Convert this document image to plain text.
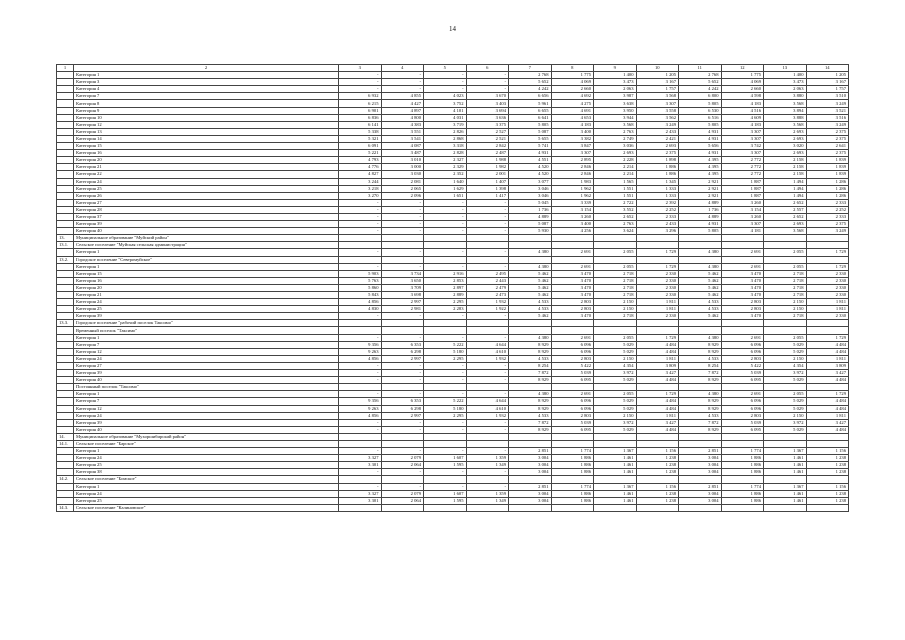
14
1	2	3	4	5	6	7	8	9	10	11	12	13	14
	Категория 1	-	-	-	-	2 768	1 775	1 400	1 205	2 768	1 775	1 400	1 205
	Категория 3	-	-	-	-	5 652	4 069	3 473	3 167	5 652	4 069	3 473	3 167
	Категория 4	-	-	-	-	4 242	2 660	2 063	1 757	4 242	2 660	2 063	1 757
	Категория 7	6 932	4 855	4 023	3 670	6 656	4 692	3 987	3 568	6 800	4 598	3 880	3 510
	Категория 8	6 215	4 427	3 752	3 403	5 961	4 275	3 638	3 307	5 805	4 183	3 568	3 249
	Категория 9	6 901	4 897	4 101	3 694	6 655	4 691	3 950	3 558	6 530	4 516	3 894	3 521
	Категория 10	6 836	4 800	4 031	3 636	6 641	4 653	3 944	3 562	6 516	4 609	3 888	3 516
	Категория 12	6 141	4 383	3 719	3 375	5 805	4 183	3 568	3 249	5 805	4 183	3 568	3 249
	Категория 13	5 338	3 551	2 826	2 527	5 087	3 400	2 763	2 433	4 931	3 307	2 693	2 375
	Категория 14	5 321	3 541	2 868	2 521	5 655	3 382	2 749	2 421	4 931	3 307	2 693	2 375
	Категория 15	6 091	4 087	3 318	2 842	5 741	3 847	3 036	2 693	5 656	3 742	3 020	2 641
	Категория 16	5 221	3 487	2 828	2 487	4 931	3 307	2 693	2 375	4 931	3 307	2 693	2 375
	Категория 20	4 793	3 010	2 327	1 988	4 551	2 895	2 228	1 898	4 395	2 772	2 158	1 839
	Категория 21	4 776	3 000	2 329	1 982	4 520	2 846	2 214	1 886	4 395	2 772	2 158	1 839
	Категория 22	4 827	3 030	2 352	2 001	4 520	2 846	2 214	1 886	4 395	2 772	2 158	1 839
	Категория 24	3 244	2 081	1 640	1 407	3 077	1 983	1 565	1 345	2 921	1 887	1 494	1 286
	Категория 25	3 218	2 065	1 629	1 398	3 046	1 962	1 551	1 333	2 921	1 887	1 494	1 286
	Категория 26	3 270	2 096	1 651	1 417	3 046	1 962	1 551	1 333	2 921	1 887	1 494	1 286
	Категория 27	-	-	-	-	5 045	3 339	2 722	2 392	4 889	3 260	2 652	2 333
	Категория 28	-	-	-	-	1 736	3 154	3 552	2 252	1 736	3 154	2 557	2 252
	Категория 37	-	-	-	-	4 889	3 260	2 652	2 333	4 889	3 260	2 652	2 333
	Категория 39	-	-	-	-	5 087	3 400	2 763	2 433	4 931	3 307	2 693	2 375
	Категория 40	-	-	-	-	5 930	4 256	3 624	3 296	5 805	4 181	3 568	3 249
13.	Муниципальное образование "Муйский район"												
13.1.	Сельское поселение "Муйская сельская администрация"												
	Категория 1	-	-	-	-	4 380	2 691	2 055	1 729	4 380	2 691	2 055	1 729
13.2.	Городское поселение "Северомуйское"												
	Категория 1	-	-	-	-	4 380	2 691	2 055	1 729	4 380	2 691	2 055	1 729
	Категория 15	5 903	3 734	2 916	2 495	5 462	3 470	2 718	2 330	5 462	3 470	2 718	2 330
	Категория 16	5 763	3 650	2 853	2 443	5 462	3 470	2 718	2 330	5 462	3 470	2 718	2 330
	Категория 20	5 860	3 709	2 897	2 479	5 462	3 470	2 718	2 330	5 462	3 470	2 718	2 330
	Категория 21	5 843	3 698	2 889	2 473	5 462	3 470	2 718	2 330	5 462	3 470	2 718	2 330
	Категория 24	4 856	2 997	2 295	1 932	4 533	2 803	2 150	1 811	4 533	2 803	2 150	1 811
	Категория 25	4 830	2 981	2 283	1 922	4 533	2 803	2 150	1 811	4 533	2 803	2 150	1 811
	Категория 39	-	-	-	-	5 462	3 470	2 718	2 330	5 462	3 470	2 718	2 330
13.3.	Городское поселение "рабочий поселок Таксимо"												
	Временный поселок "Таксимо"												
	Категория 1	-	-	-	-	4 380	2 691	2 055	1 729	4 380	2 691	2 055	1 729
	Категория 7	9 356	6 353	5 222	4 644	8 929	6 096	5 029	4 484	8 929	6 096	5 029	4 484
	Категория 12	9 263	6 298	5 180	4 610	8 929	6 096	5 029	4 484	8 929	6 096	5 029	4 484
	Категория 24	4 856	2 997	2 295	1 932	4 533	2 803	2 150	1 811	4 533	2 803	2 150	1 811
	Категория 27	-	-	-	-	8 254	5 422	4 354	3 809	8 254	5 422	4 354	3 809
	Категория 39	-	-	-	-	7 872	5 039	3 972	3 427	7 872	5 039	3 972	3 427
	Категория 40	-	-	-	-	8 929	6 095	5 029	4 484	8 929	6 095	5 029	4 484
	Постоянный поселок "Таксимо"												
	Категория 1	-	-	-	-	4 380	2 691	2 055	1 729	4 380	2 691	2 055	1 729
	Категория 7	9 356	6 353	5 222	4 644	8 929	6 096	5 029	4 484	8 929	6 096	5 029	4 484
	Категория 12	9 263	6 298	5 180	4 610	8 929	6 096	5 029	4 484	8 929	6 096	5 029	4 484
	Категория 24	4 856	2 997	2 295	1 932	4 533	2 803	2 150	1 811	4 533	2 803	2 150	1 811
	Категория 39	-	-	-	-	7 872	5 039	3 972	3 427	7 872	5 039	3 972	3 427
	Категория 40	-	-	-	-	8 929	6 095	5 029	4 484	8 929	6 095	5 029	4 484
14.	Муниципальное образование "Мухоршибирский район"												
14.1.	Сельское поселение "Барское"												
	Категория 1	-	-	-	-	2 851	1 774	1 367	1 156	2 851	1 774	1 367	1 156
	Категория 24	3 327	2 079	1 607	1 359	3 004	1 886	1 461	1 238	3 004	1 886	1 461	1 238
	Категория 25	3 301	2 064	1 595	1 349	3 004	1 886	1 461	1 238	3 004	1 886	1 461	1 238
	Категория 38	-	-	-	-	3 004	1 886	1 461	1 238	3 004	1 886	1 461	1 238
14.2.	Сельское поселение "Бомское"												
	Категория 1	-	-	-	-	2 851	1 774	1 367	1 156	2 851	1 774	1 367	1 156
	Категория 24	3 327	2 079	1 607	1 359	3 004	1 886	1 461	1 238	3 004	1 886	1 461	1 238
	Категория 25	3 301	2 064	1 595	1 349	3 004	1 886	1 461	1 238	3 004	1 886	1 461	1 238
14.3.	Сельское поселение "Калиновское"												
